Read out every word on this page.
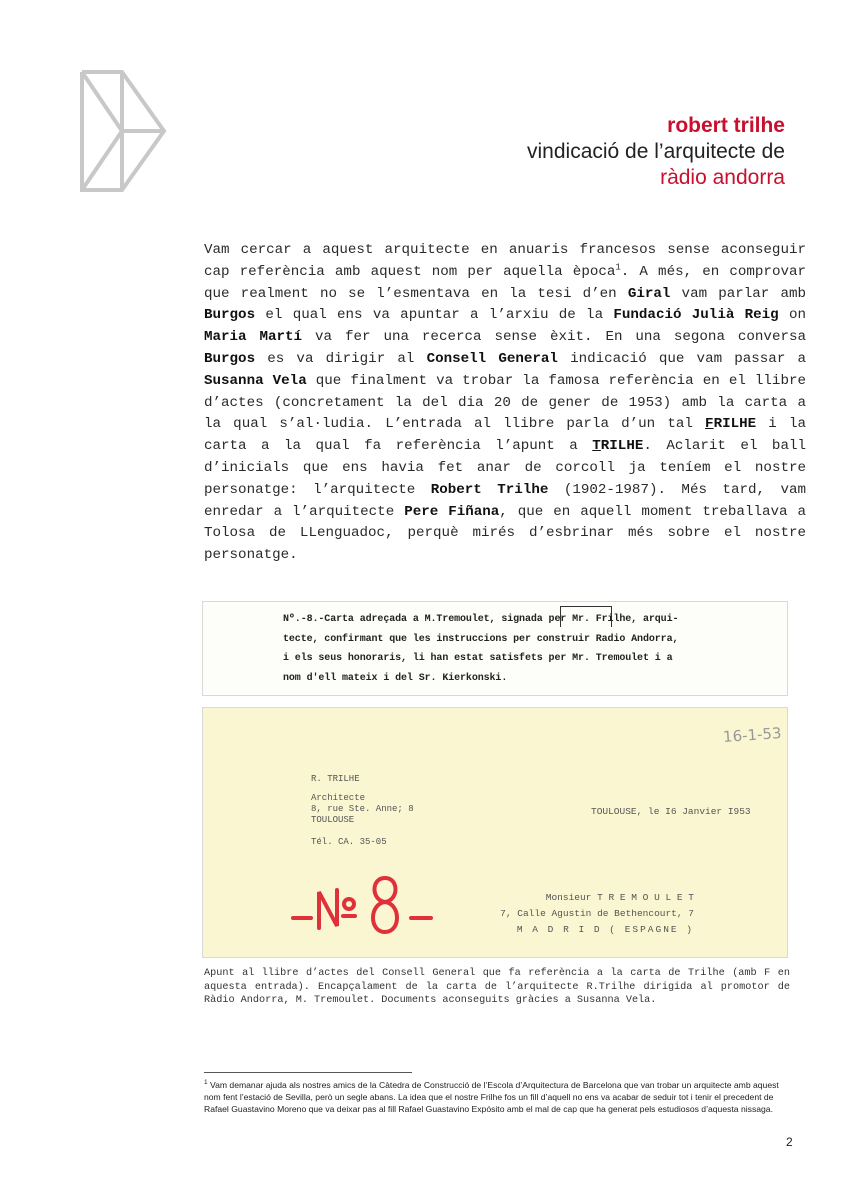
robert trilhe
vindicació de l’arquitecte de
ràdio andorra
Vam cercar a aquest arquitecte en anuaris francesos sense aconseguir cap referència amb aquest nom per aquella època$^1$. A més, en comprovar que realment no se l’esmentava en la tesi d’en Giral vam parlar amb Burgos el qual ens va apuntar a l’arxiu de la Fundació Julià Reig on Maria Martí va fer una recerca sense èxit. En una segona conversa Burgos es va dirigir al Consell General indicació que vam passar a Susanna Vela que finalment va trobar la famosa referència en el llibre d’actes (concretament la del dia 20 de gener de 1953) amb la carta a la qual s’al·ludia. L’entrada al llibre parla d’un tal FRILHE i la carta a la qual fa referència l’apunt a TRILHE. Aclarit el ball d’inicials que ens havia fet anar de corcoll ja teníem el nostre personatge: l’arquitecte Robert Trilhe (1902-1987). Més tard, vam enredar a l’arquitecte Pere Fiñana, que en aquell moment treballava a Tolosa de LLenguadoc, perquè mirés d’esbrinar més sobre el nostre personatge.
Nº.-8.-Carta adreçada a M.Tremoulet, signada per Mr. Frilhe, arqui-
tecte, confirmant que les instruccions per construir Radio Andorra,
i els seus honoraris, li han estat satisfets per Mr. Tremoulet i a
nom d'ell mateix i del Sr. Kierkonski.
16-1-53
R. TRILHE
Architecte
8, rue Ste. Anne; 8
TOULOUSE
Tél. CA. 35-05
TOULOUSE, le I6 Janvier I953
N° 8
Monsieur T R E M O U L E T
7, Calle Agustin de Bethencourt, 7
M A D R I D ( ESPAGNE )
Apunt al llibre d’actes del Consell General que fa referència a la carta de Trilhe (amb F en aquesta entrada). Encapçalament de la carta de l’arquitecte R.Trilhe dirigida al promotor de Ràdio Andorra, M. Tremoulet. Documents aconseguits gràcies a Susanna Vela.
$^1$ Vam demanar ajuda als nostres amics de la Càtedra de Construcció de l’Escola d’Arquitectura de Barcelona que van trobar un arquitecte amb aquest nom fent l’estació de Sevilla, però un segle abans. La idea que el nostre Frilhe fos un fill d’aquell no ens va acabar de seduir tot i tenir el precedent de Rafael Guastavino Moreno que va deixar pas al fill Rafael Guastavino Expósito amb el mal de cap que ha generat pels estudiosos d’aquesta nissaga.
2
